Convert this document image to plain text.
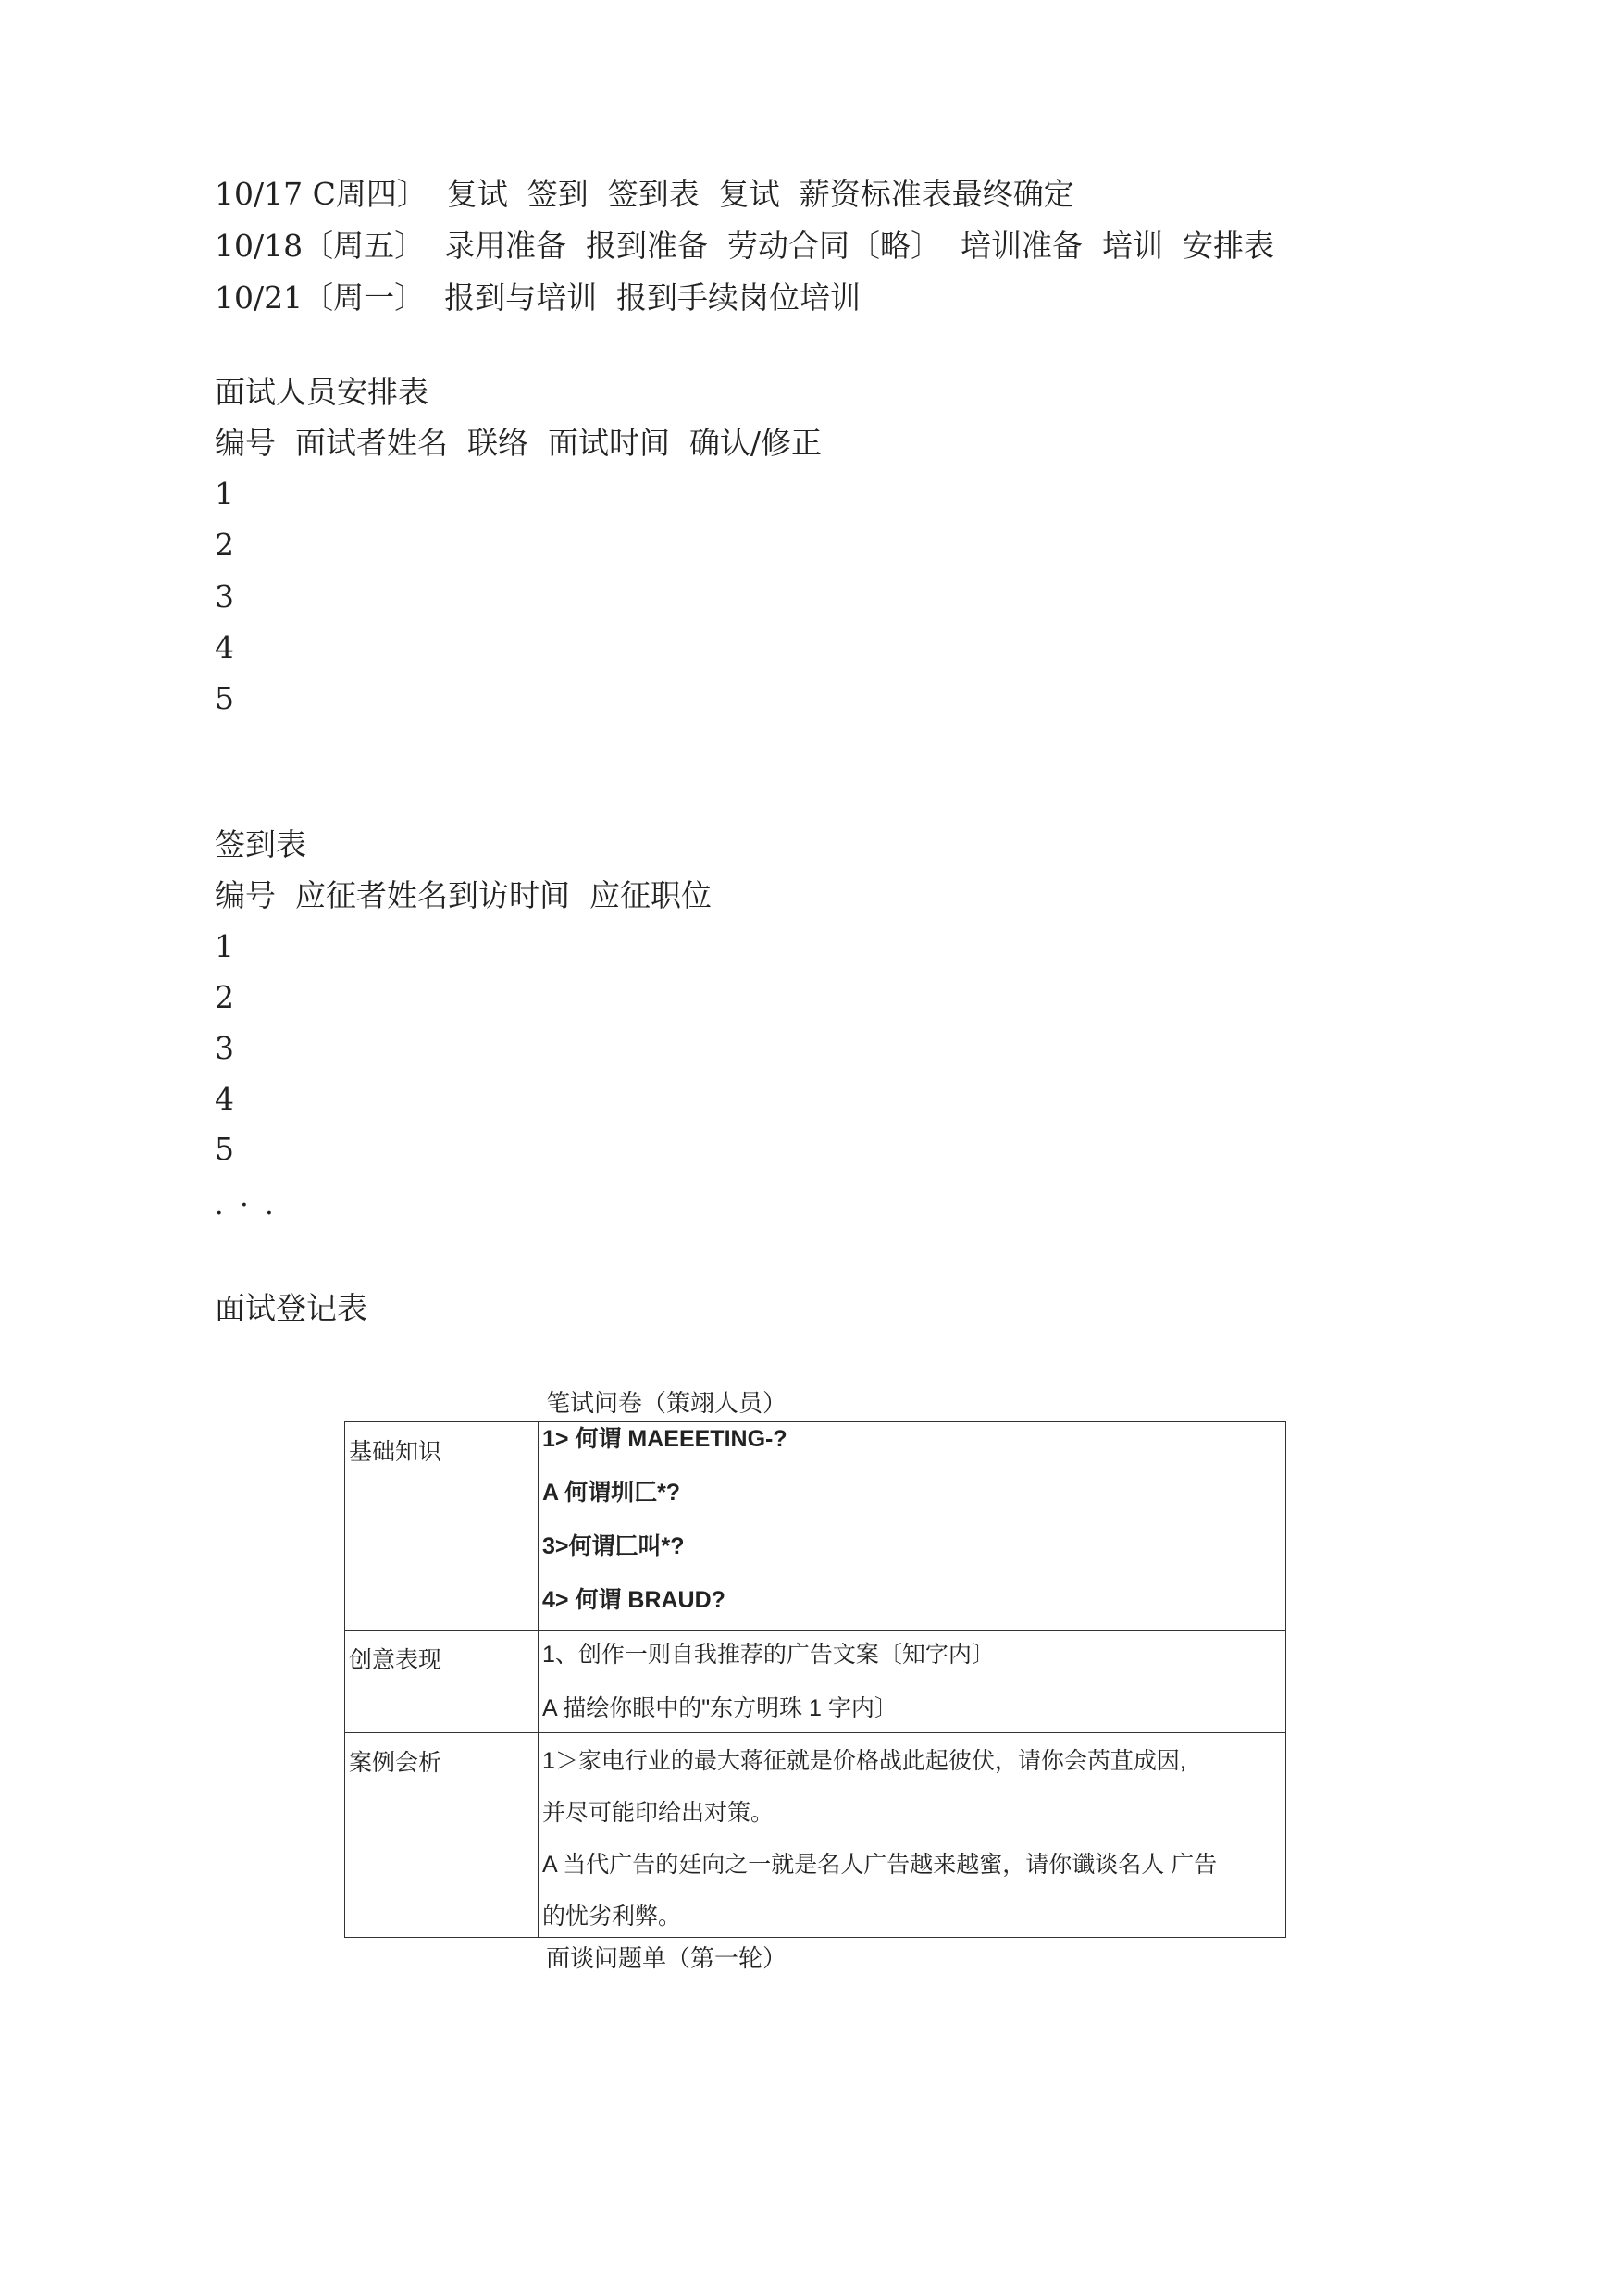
10/17 C周四〕  复试  签到  签到表  复试  薪资标准表最终确定
10/18〔周五〕  录用准备  报到准备  劳动合同〔略〕  培训准备  培训  安排表
10/21〔周一〕  报到与培训  报到手续岗位培训
面试人员安排表
编号  面试者姓名  联络  面试时间  确认/修正
1
2
3
4
5
签到表
编号  应征者姓名到访时间  应征职位
1
2
3
4
5
. · .
面试登记表
笔试问卷（策翊人员）
基础知识	1> 何谓 MAEEETING-?
A 何谓圳匚*?
3>何谓匚叫*?
4> 何谓 BRAUD?

创意表现	1、创作一则自我推荐的广告文案〔知字内〕
A 描绘你眼中的"东方明珠 1 字内〕

案例会析	1＞家电行业的最大蒋征就是价格战此起彼伏，请你会芮苴成因,
并尽可能印给出对策。
A 当代广告的廷向之一就是名人广告越来越蜜，请你谶谈名人 广告
的忧劣利弊。
面谈问题单（第一轮）
